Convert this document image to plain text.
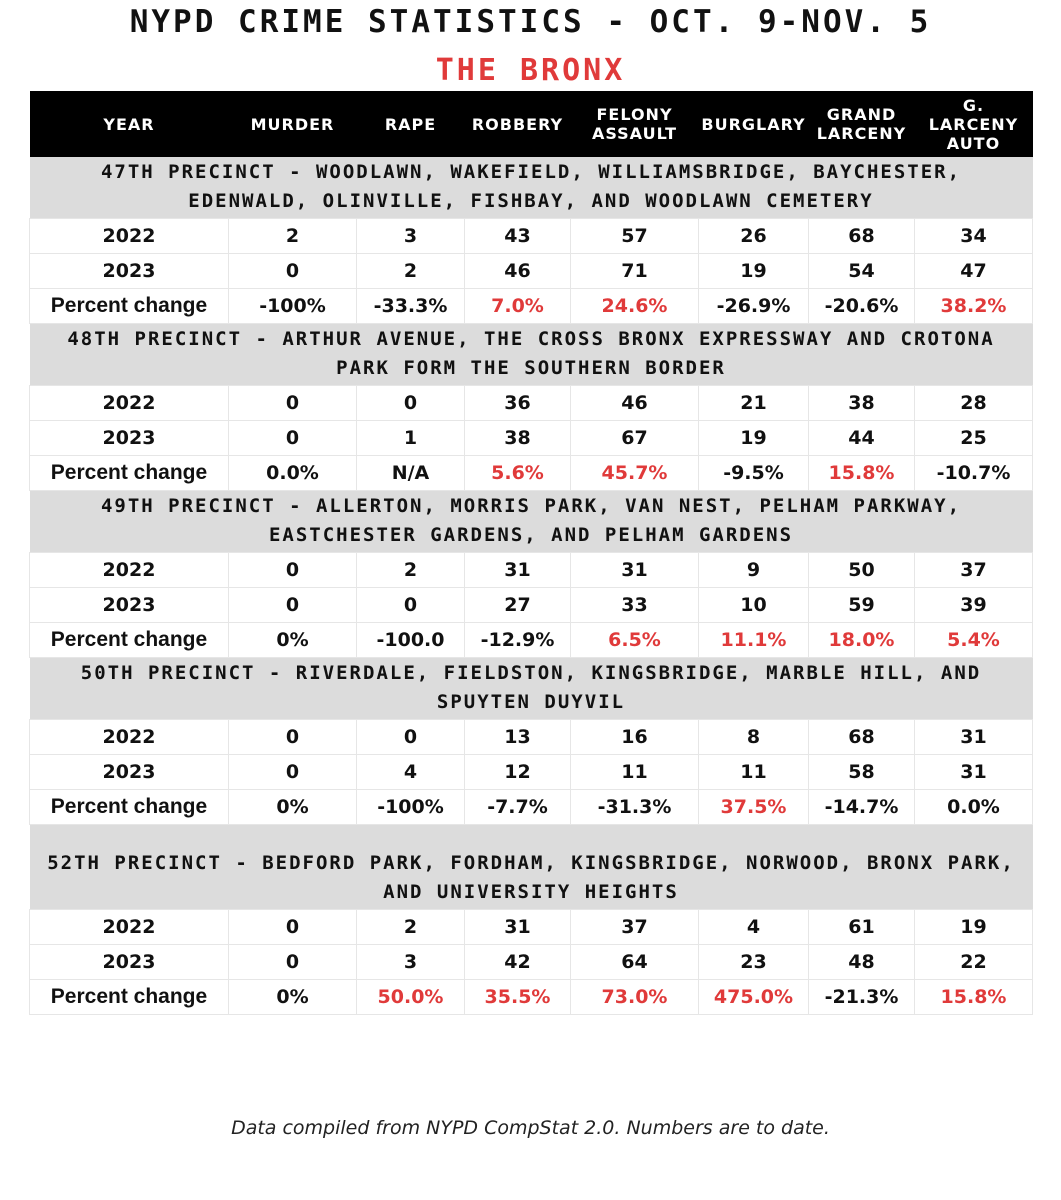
NYPD CRIME STATISTICS - OCT. 9-NOV. 5
THE BRONX
YEAR	MURDER	RAPE	ROBBERY	FELONY ASSAULT	BURGLARY	GRAND LARCENY	G. LARCENY AUTO
47TH PRECINCT - WOODLAWN, WAKEFIELD, WILLIAMSBRIDGE, BAYCHESTER, EDENWALD, OLINVILLE, FISHBAY, AND WOODLAWN CEMETERY							
2022	2	3	43	57	26	68	34
2023	0	2	46	71	19	54	47
Percent change	-100%	-33.3%	7.0%	24.6%	-26.9%	-20.6%	38.2%
48TH PRECINCT - ARTHUR AVENUE, THE CROSS BRONX EXPRESSWAY AND CROTONA PARK FORM THE SOUTHERN BORDER							
2022	0	0	36	46	21	38	28
2023	0	1	38	67	19	44	25
Percent change	0.0%	N/A	5.6%	45.7%	-9.5%	15.8%	-10.7%
49TH PRECINCT - ALLERTON, MORRIS PARK, VAN NEST, PELHAM PARKWAY, EASTCHESTER GARDENS, AND PELHAM GARDENS							
2022	0	2	31	31	9	50	37
2023	0	0	27	33	10	59	39
Percent change	0%	-100.0	-12.9%	6.5%	11.1%	18.0%	5.4%
50TH PRECINCT - RIVERDALE, FIELDSTON, KINGSBRIDGE, MARBLE HILL, AND SPUYTEN DUYVIL							
2022	0	0	13	16	8	68	31
2023	0	4	12	11	11	58	31
Percent change	0%	-100%	-7.7%	-31.3%	37.5%	-14.7%	0.0%
52TH PRECINCT - BEDFORD PARK, FORDHAM, KINGSBRIDGE, NORWOOD, BRONX PARK, AND UNIVERSITY HEIGHTS							
2022	0	2	31	37	4	61	19
2023	0	3	42	64	23	48	22
Percent change	0%	50.0%	35.5%	73.0%	475.0%	-21.3%	15.8%
Data compiled from NYPD CompStat 2.0. Numbers are to date.
